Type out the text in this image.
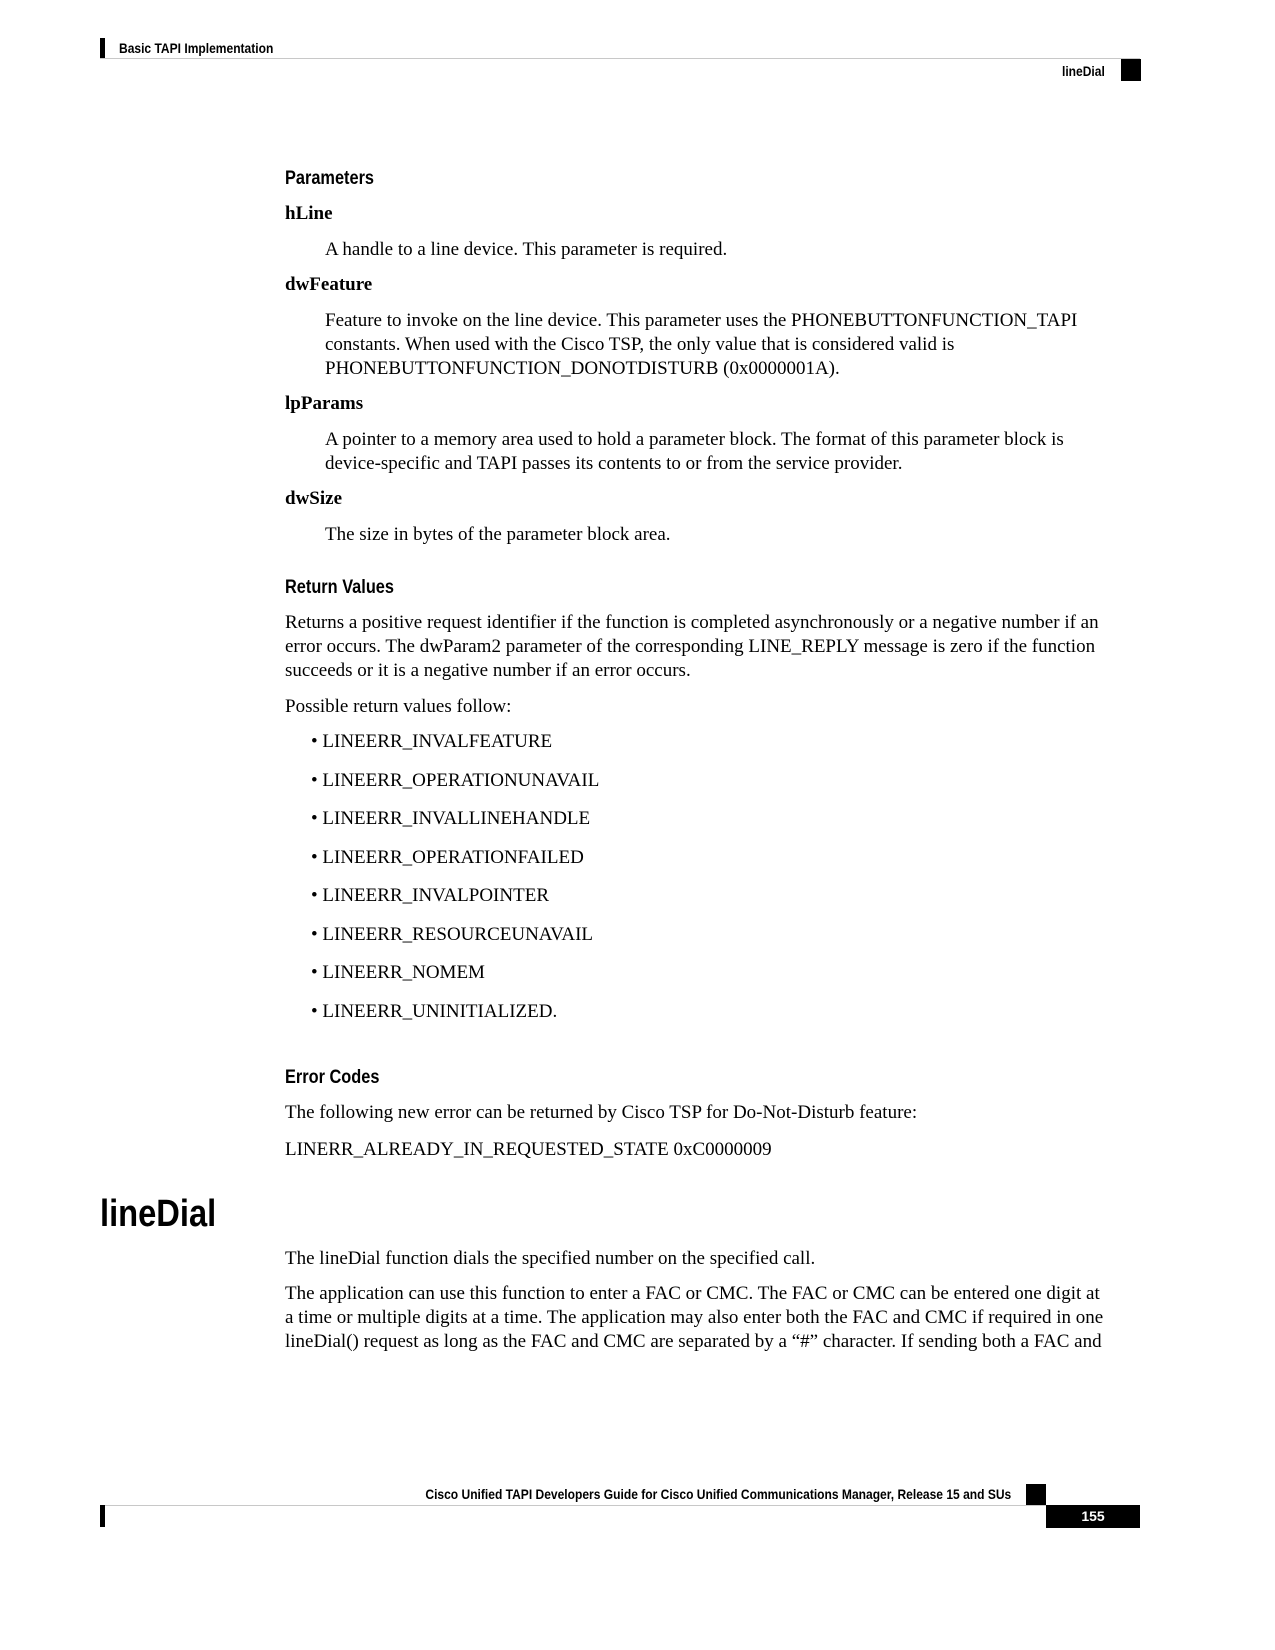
Basic TAPI Implementation
lineDial
Parameters
hLine
A handle to a line device. This parameter is required.
dwFeature
Feature to invoke on the line device. This parameter uses the PHONEBUTTONFUNCTION_TAPI
constants. When used with the Cisco TSP, the only value that is considered valid is
PHONEBUTTONFUNCTION_DONOTDISTURB (0x0000001A).
lpParams
A pointer to a memory area used to hold a parameter block. The format of this parameter block is
device-specific and TAPI passes its contents to or from the service provider.
dwSize
The size in bytes of the parameter block area.
Return Values
Returns a positive request identifier if the function is completed asynchronously or a negative number if an
error occurs. The dwParam2 parameter of the corresponding LINE_REPLY message is zero if the function
succeeds or it is a negative number if an error occurs.
Possible return values follow:
• LINEERR_INVALFEATURE
• LINEERR_OPERATIONUNAVAIL
• LINEERR_INVALLINEHANDLE
• LINEERR_OPERATIONFAILED
• LINEERR_INVALPOINTER
• LINEERR_RESOURCEUNAVAIL
• LINEERR_NOMEM
• LINEERR_UNINITIALIZED.
Error Codes
The following new error can be returned by Cisco TSP for Do-Not-Disturb feature:
LINERR_ALREADY_IN_REQUESTED_STATE 0xC0000009
lineDial
The lineDial function dials the specified number on the specified call.
The application can use this function to enter a FAC or CMC. The FAC or CMC can be entered one digit at
a time or multiple digits at a time. The application may also enter both the FAC and CMC if required in one
lineDial() request as long as the FAC and CMC are separated by a “#” character. If sending both a FAC and
Cisco Unified TAPI Developers Guide for Cisco Unified Communications Manager, Release 15 and SUs
155
